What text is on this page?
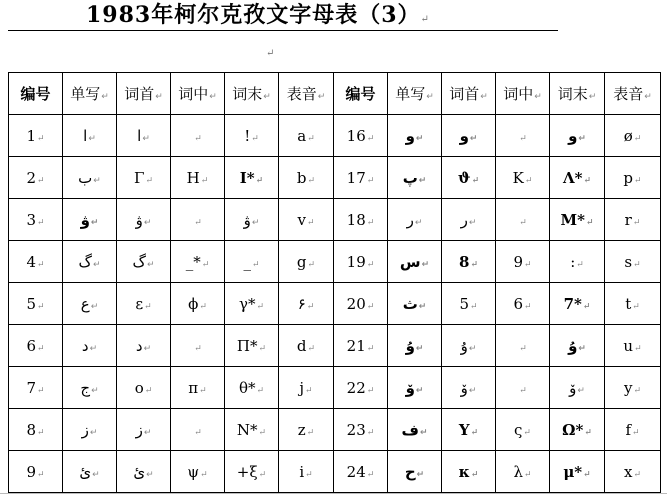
1983年柯尔克孜文字母表（3）↵
↵
编号	单写↵	词首↵	词中↵	词末↵	表音↵	编号	单写↵	词首↵	词中↵	词末↵	表音↵
1↵	ا↵	ا↵	↵	!↵	a↵	16↵	و↵	و↵	↵	و↵	ø↵
2↵	ب↵	Γ↵	H↵	I*↵	b↵	17↵	پ↵	ϑ↵	K↵	Λ*↵	p↵
3↵	ۋ↵	ۋ↵	↵	ۋ↵	v↵	18↵	ر↵	ر↵	↵	M*↵	r↵
4↵	گ↵	گ↵	_*↵	_↵	g↵	19↵	س↵	8↵	9↵	:↵	s↵
5↵	ع↵	ε↵	ϕ↵	γ*↵	۶↵	20↵	ث↵	5↵	6↵	7*↵	t↵
6↵	د↵	د↵	↵	Π*↵	d↵	21↵	ۇ↵	ۇ↵	↵	ۇ↵	u↵
7↵	ج↵	ο↵	π↵	θ*↵	j↵	22↵	ۆ↵	ۆ↵	↵	ۆ↵	y↵
8↵	ز↵	ز↵	↵	N*↵	z↵	23↵	ف↵	Y↵	ς↵	Ω*↵	f↵
9↵	ئ↵	ئ↵	ψ↵	+ξ↵	i↵	24↵	ح↵	κ↵	λ↵	μ*↵	x↵
